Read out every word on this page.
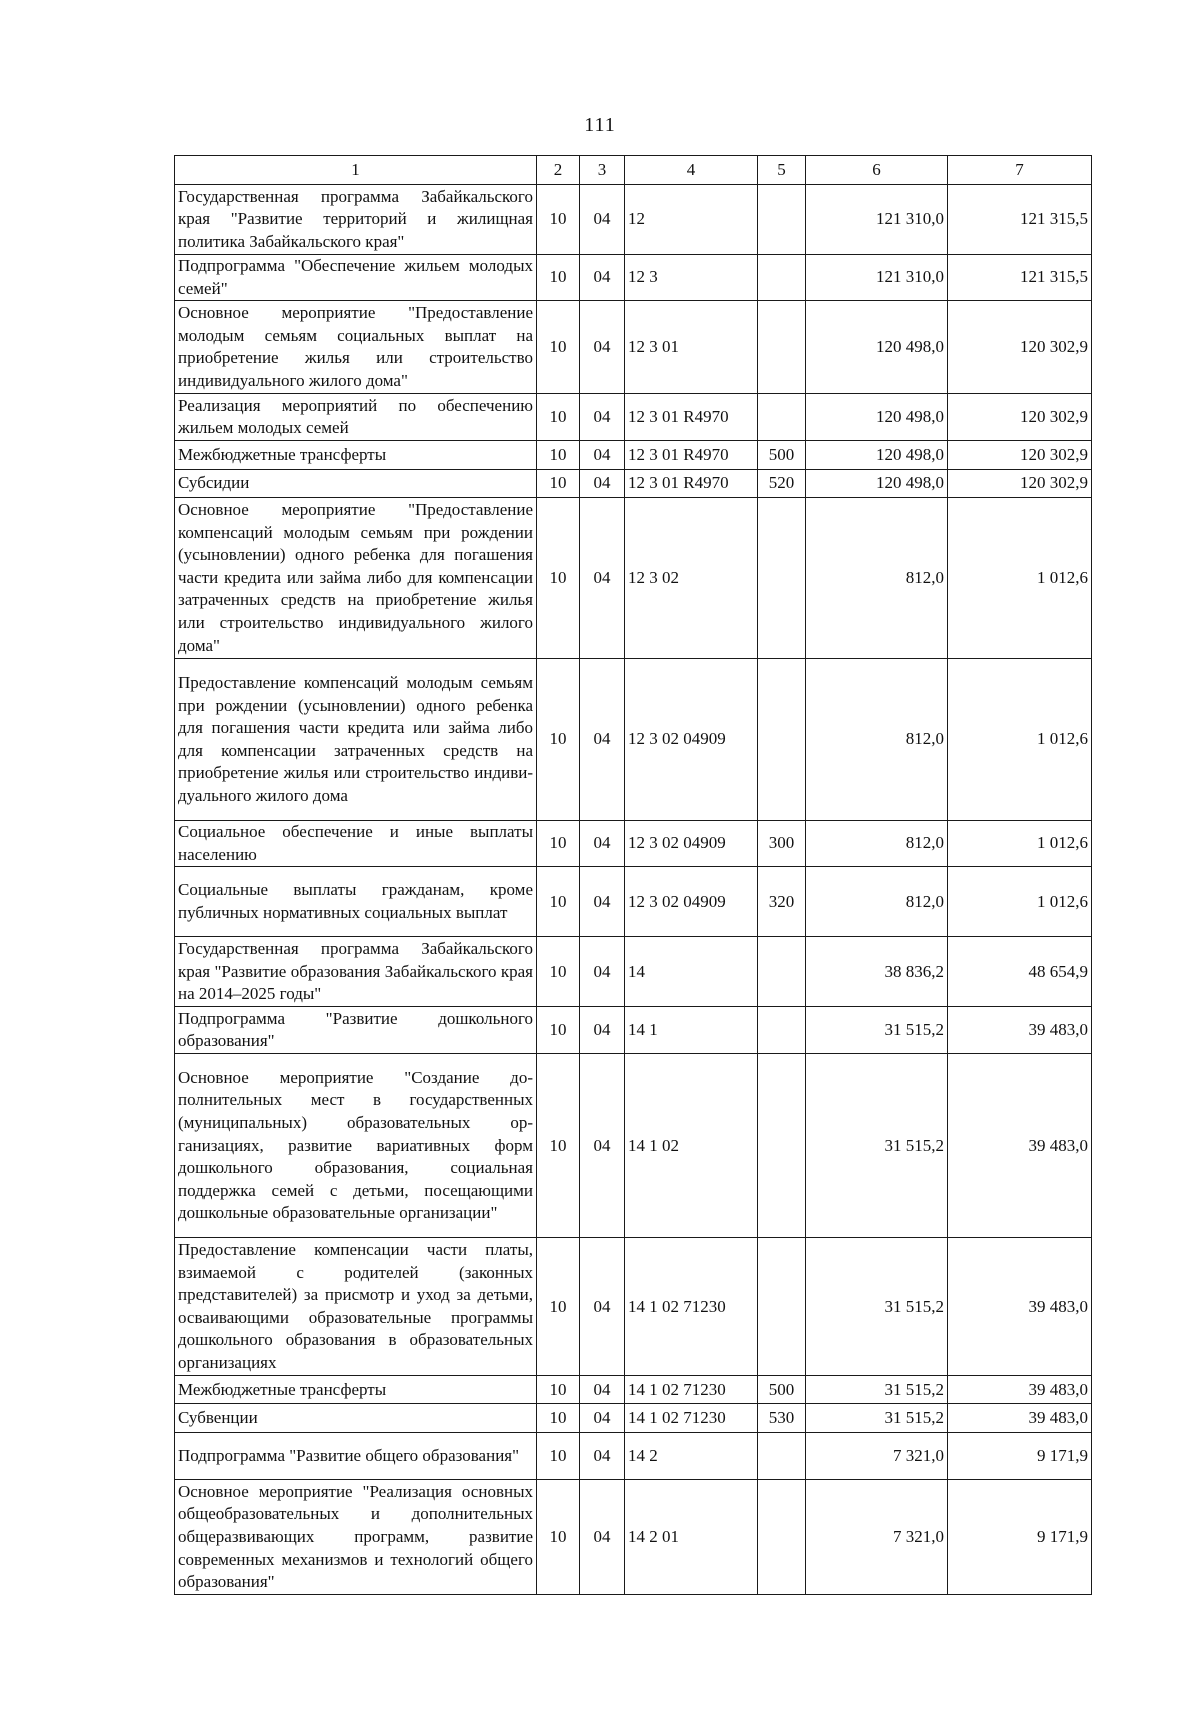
111
1	2	3	4	5	6	7
Государственная программа Забайкальского края "Развитие территорий и жилищная политика Забайкальского края"	10	04	12		121 310,0	121 315,5
Подпрограмма "Обеспечение жильем молодых семей"	10	04	12 3		121 310,0	121 315,5
Основное мероприятие "Предоставление молодым семьям социальных выплат на приобретение жилья или строительство индивидуального жилого дома"	10	04	12 3 01		120 498,0	120 302,9
Реализация мероприятий по обеспечению жильем молодых семей	10	04	12 3 01 R4970		120 498,0	120 302,9
Межбюджетные трансферты	10	04	12 3 01 R4970	500	120 498,0	120 302,9
Субсидии	10	04	12 3 01 R4970	520	120 498,0	120 302,9
Основное мероприятие "Предоставление компенсаций молодым семьям при рождении (усыновлении) одного ребенка для погашения части кредита или займа либо для компенсации затраченных средств на приобретение жилья или строительство индивидуального жилого дома"	10	04	12 3 02		812,0	1 012,6
Предоставление компенсаций молодым семьям при рождении (усыновлении) одного ребенка для погашения части кредита или займа либо для компенсации затраченных средств на приобретение жилья или строительство индивидуального жилого дома	10	04	12 3 02 04909		812,0	1 012,6
Социальное обеспечение и иные выплаты населению	10	04	12 3 02 04909	300	812,0	1 012,6
Социальные выплаты гражданам, кроме публичных нормативных социальных выплат	10	04	12 3 02 04909	320	812,0	1 012,6
Государственная программа Забайкальского края "Развитие образования Забайкальского края на 2014–2025 годы"	10	04	14		38 836,2	48 654,9
Подпрограмма "Развитие дошкольного образования"	10	04	14 1		31 515,2	39 483,0
Основное мероприятие "Создание дополнительных мест в государственных (муниципальных) образовательных организациях, развитие вариативных форм дошкольного образования, социальная поддержка семей с детьми, посещающими дошкольные образовательные организации"	10	04	14 1 02		31 515,2	39 483,0
Предоставление компенсации части платы, взимаемой с родителей (законных представителей) за присмотр и уход за детьми, осваивающими образовательные программы дошкольного образования в образовательных организациях	10	04	14 1 02 71230		31 515,2	39 483,0
Межбюджетные трансферты	10	04	14 1 02 71230	500	31 515,2	39 483,0
Субвенции	10	04	14 1 02 71230	530	31 515,2	39 483,0
Подпрограмма "Развитие общего образования"	10	04	14 2		7 321,0	9 171,9
Основное мероприятие "Реализация основных общеобразовательных и дополнительных общеразвивающих программ, развитие современных механизмов и технологий общего образования"	10	04	14 2 01		7 321,0	9 171,9
